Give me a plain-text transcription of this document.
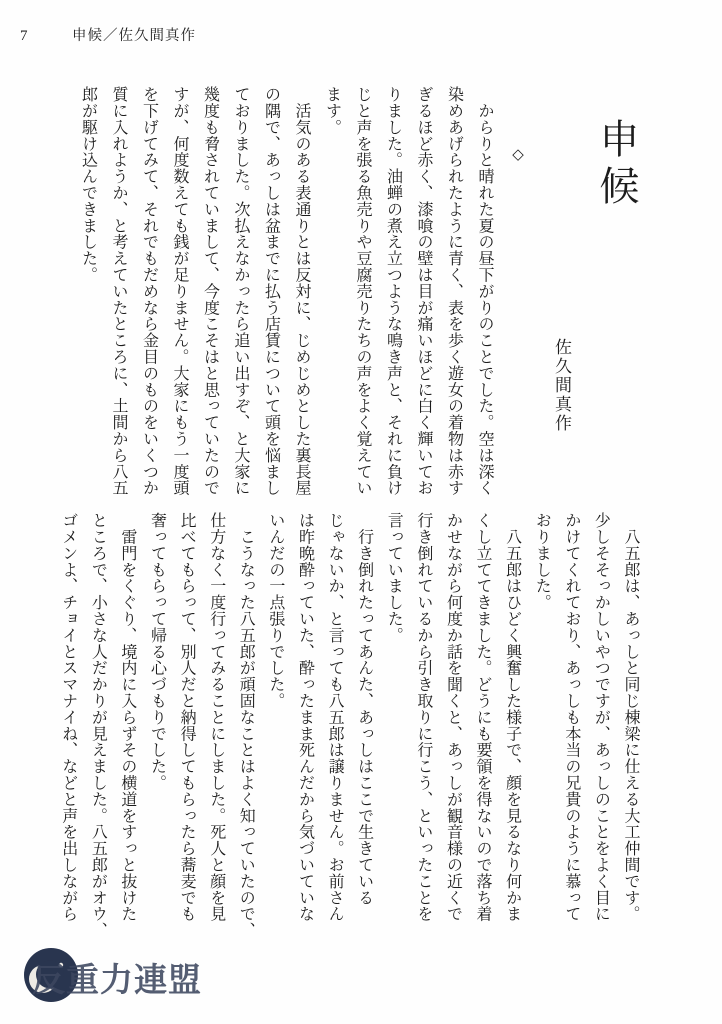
7	申候／佐久間真作
申候
佐久間真作
◇
　からりと晴れた夏の昼下がりのことでした。空は深く
染めあげられたように青く、表を歩く遊女の着物は赤す
ぎるほど赤く、漆喰の壁は目が痛いほどに白く輝いてお
りました。油蝉の煮え立つような鳴き声と、それに負け
じと声を張る魚売りや豆腐売りたちの声をよく覚えてい
ます。
　活気のある表通りとは反対に、じめじめとした裏長屋
の隅で、あっしは盆までに払う店賃について頭を悩まし
ておりました。次払えなかったら追い出すぞ、と大家に
幾度も脅されていまして、今度こそはと思っていたので
すが、何度数えても銭が足りません。大家にもう一度頭
を下げてみて、それでもだめなら金目のものをいくつか
質に入れようか、と考えていたところに、土間から八五
郎が駆け込んできました。
　八五郎は、あっしと同じ棟梁に仕える大工仲間です。
少しそそっかしいやつですが、あっしのことをよく目に
かけてくれており、あっしも本当の兄貴のように慕って
おりました。
　八五郎はひどく興奮した様子で、顔を見るなり何かま
くし立ててきました。どうにも要領を得ないので落ち着
かせながら何度か話を聞くと、あっしが観音様の近くで
行き倒れているから引き取りに行こう、といったことを
言っていました。
　行き倒れたってあんた、あっしはここで生きている
じゃないか、と言っても八五郎は譲りません。お前さん
は昨晩酔っていた、酔ったまま死んだから気づいていな
いんだの一点張りでした。
　こうなった八五郎が頑固なことはよく知っていたので、
仕方なく一度行ってみることにしました。死人と顔を見
比べてもらって、別人だと納得してもらったら蕎麦でも
奢ってもらって帰る心づもりでした。
　雷門をくぐり、境内に入らずその横道をすっと抜けた
ところで、小さな人だかりが見えました。八五郎がオウ、
ゴメンよ、チョイとスマナイね、などと声を出しながら
反重力連盟
